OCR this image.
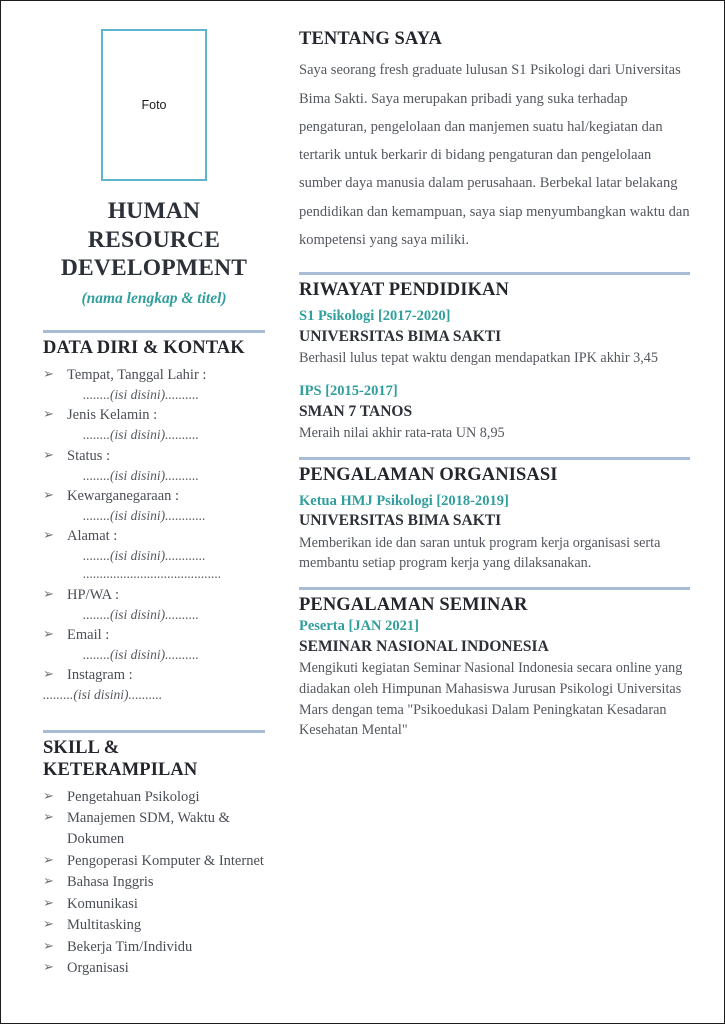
Foto
HUMAN RESOURCE DEVELOPMENT
(nama lengkap & titel)
DATA DIRI & KONTAK
➢ Tempat, Tanggal Lahir :
........(isi disini)..........
➢ Jenis Kelamin :
........(isi disini)..........
➢ Status :
........(isi disini)..........
➢ Kewarganegaraan :
........(isi disini)............
➢ Alamat :
........(isi disini)............
.........................................
➢ HP/WA :
........(isi disini)..........
➢ Email :
........(isi disini)..........
➢ Instagram :
.........(isi disini)..........
SKILL & KETERAMPILAN
➢ Pengetahuan Psikologi
➢ Manajemen SDM, Waktu & Dokumen
➢ Pengoperasi Komputer & Internet
➢ Bahasa Inggris
➢ Komunikasi
➢ Multitasking
➢ Bekerja Tim/Individu
➢ Organisasi
TENTANG SAYA
Saya seorang fresh graduate lulusan S1 Psikologi dari Universitas Bima Sakti. Saya merupakan pribadi yang suka terhadap pengaturan, pengelolaan dan manjemen suatu hal/kegiatan dan tertarik untuk berkarir di bidang pengaturan dan pengelolaan sumber daya manusia dalam perusahaan. Berbekal latar belakang pendidikan dan kemampuan, saya siap menyumbangkan waktu dan kompetensi yang saya miliki.
RIWAYAT PENDIDIKAN
S1 Psikologi [2017-2020]
UNIVERSITAS BIMA SAKTI
Berhasil lulus tepat waktu dengan mendapatkan IPK akhir 3,45
IPS [2015-2017]
SMAN 7 TANOS
Meraih nilai akhir rata-rata UN 8,95
PENGALAMAN ORGANISASI
Ketua HMJ Psikologi [2018-2019]
UNIVERSITAS BIMA SAKTI
Memberikan ide dan saran untuk program kerja organisasi serta membantu setiap program kerja yang dilaksanakan.
PENGALAMAN SEMINAR
Peserta [JAN 2021]
SEMINAR NASIONAL INDONESIA
Mengikuti kegiatan Seminar Nasional Indonesia secara online yang diadakan oleh Himpunan Mahasiswa Jurusan Psikologi Universitas Mars dengan tema "Psikoedukasi Dalam Peningkatan Kesadaran Kesehatan Mental"
